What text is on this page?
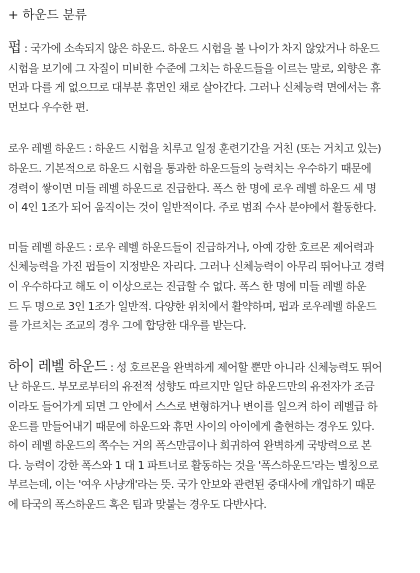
+ 하운드 분류
펍 : 국가에 소속되지 않은 하운드. 하운드 시험을 볼 나이가 차지 않았거나 하운드
시험을 보기에 그 자질이 미비한 수준에 그치는 하운드들을 이르는 말로, 외향은 휴
먼과 다를 게 없으므로 대부분 휴먼인 채로 살아간다. 그러나 신체능력 면에서는 휴
먼보다 우수한 편.
로우 레벨 하운드 : 하운드 시험을 치루고 일정 훈련기간을 거친 (또는 거치고 있는)
하운드. 기본적으로 하운드 시험을 통과한 하운드들의 능력치는 우수하기 때문에
경력이 쌓이면 미들 레벨 하운드로 진급한다. 폭스 한 명에 로우 레벨 하운드 세 명
이 4인 1조가 되어 움직이는 것이 일반적이다. 주로 범죄 수사 분야에서 활동한다.
미들 레벨 하운드 : 로우 레벨 하운드들이 진급하거나, 아예 강한 호르몬 제어력과
신체능력을 가진 펍들이 지정받은 자리다. 그러나 신체능력이 아무리 뛰어나고 경력
이 우수하다고 해도 이 이상으로는 진급할 수 없다. 폭스 한 명에 미들 레벨 하운
드 두 명으로 3인 1조가 일반적. 다양한 위치에서 활약하며, 펍과 로우레벨 하운드
를 가르치는 조교의 경우 그에 합당한 대우를 받는다.
하이 레벨 하운드 : 성 호르몬을 완벽하게 제어할 뿐만 아니라 신체능력도 뛰어
난 하운드. 부모로부터의 유전적 성향도 따르지만 일단 하운드만의 유전자가 조금
이라도 들어가게 되면 그 안에서 스스로 변형하거나 변이를 일으켜 하이 레벨급 하
운드를 만들어내기 때문에 하운드와 휴먼 사이의 아이에게 출현하는 경우도 있다.
하이 레벨 하운드의 쪽수는 거의 폭스만큼이나 희귀하여 완벽하게 국방력으로 본
다. 능력이 강한 폭스와 1 대 1 파트너로 활동하는 것을 '폭스하운드'라는 별칭으로
부르는데, 이는 '여우 사냥개'라는 뜻. 국가 안보와 관련된 중대사에 개입하기 때문
에 타국의 폭스하운드 혹은 팀과 맞붙는 경우도 다반사다.
